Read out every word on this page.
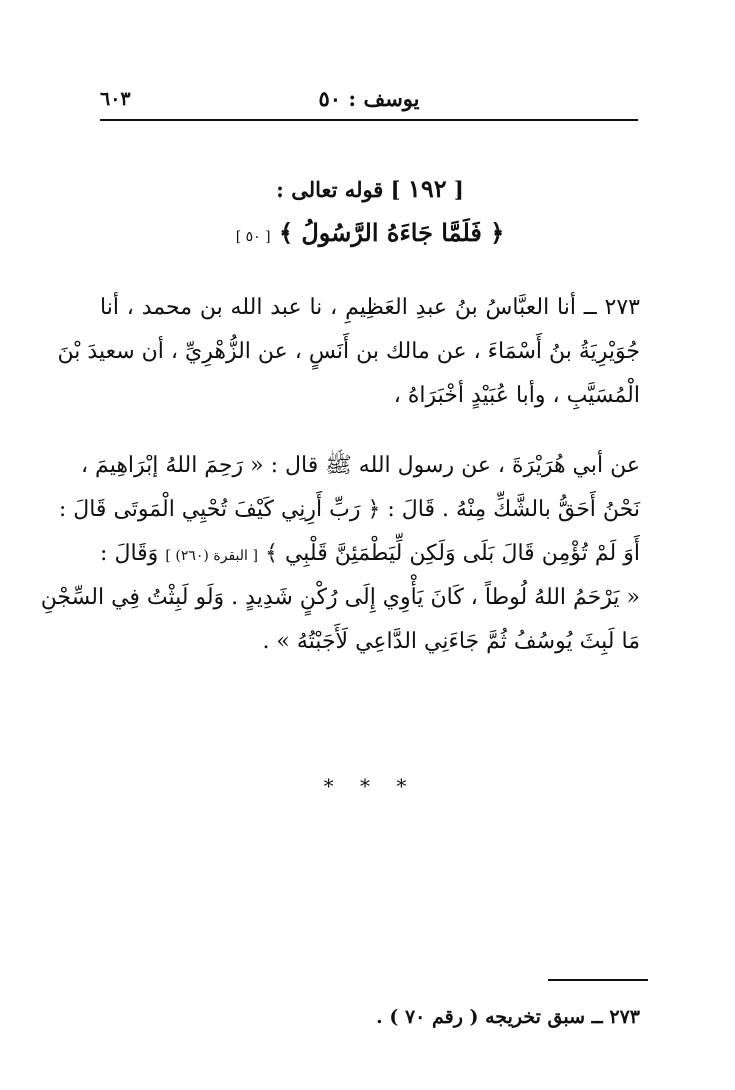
يوسف : ٥٠
٦٠٣
[ ١٩٢ ] قوله تعالى :
﴿ فَلَمَّا جَاءَهُ الرَّسُولُ ﴾ [ ٥٠ ]
٢٧٣ ــ أنا العبَّاسُ بنُ عبدِ العَظِيمِ ، نا عبد الله بن محمد ، أنا
جُوَيْرِيَةُ بنُ أَسْمَاءَ ، عن مالك بن أَنَسٍ ، عن الزُّهْرِيِّ ، أن سعيدَ بْنَ
الْمُسَيَّبِ ، وأبا عُبَيْدٍ أخْبَرَاهُ ،
عن أبي هُرَيْرَةَ ، عن رسول الله ﷺ قال : « رَحِمَ اللهُ إبْرَاهِيمَ ،
نَحْنُ أَحَقُّ بالشَّكِّ مِنْهُ . قَالَ : ﴿ رَبِّ أَرِنِي كَيْفَ تُحْيِي الْمَوتَى قَالَ :
أَوَ لَمْ تُؤْمِن قَالَ بَلَى وَلَكِن لِّيَطْمَئِنَّ قَلْبِي ﴾ [ البقرة (٢٦٠) ] وَقَالَ :
« يَرْحَمُ اللهُ لُوطاً ، كَانَ يَأْوِي إِلَى رُكْنٍ شَدِيدٍ . وَلَو لَبِثْتُ فِي السِّجْنِ
مَا لَبِثَ يُوسُفُ ثُمَّ جَاءَنِي الدَّاعِي لَأَجَبْتُهُ » .
* * *
٢٧٣ ــ سبق تخريجه ( رقم ٧٠ ) .
